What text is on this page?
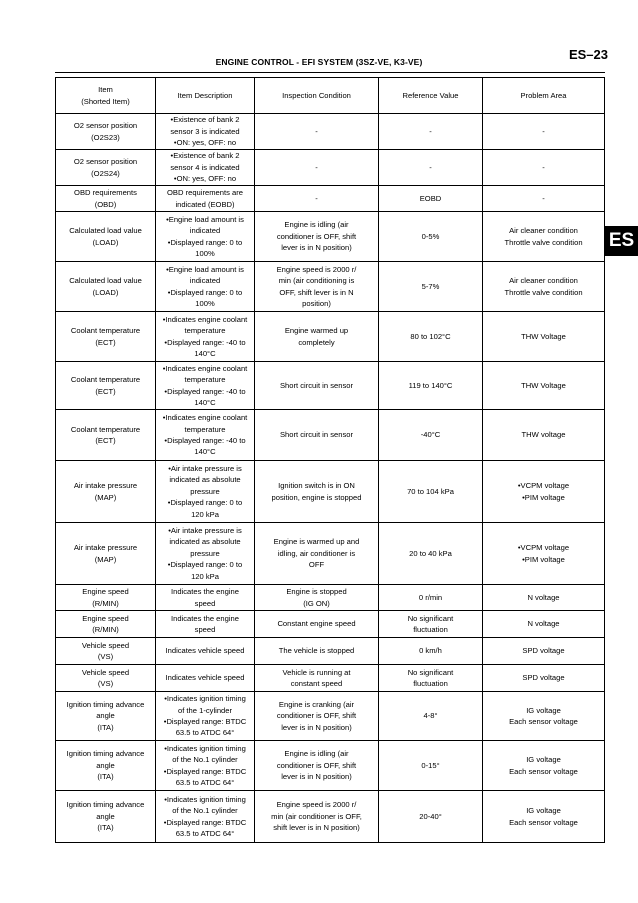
ENGINE CONTROL - EFI SYSTEM (3SZ-VE, K3-VE)	ES–23
ES
Item
(Shorted Item)	Item Description	Inspection Condition	Reference Value	Problem Area

O2 sensor position
(O2S23)	•Existence of bank 2
sensor 3 is indicated
•ON: yes, OFF: no	-	-	-

O2 sensor position
(O2S24)	•Existence of bank 2
sensor 4 is indicated
•ON: yes, OFF: no	-	-	-

OBD requirements
(OBD)	OBD requirements are
indicated (EOBD)	-	EOBD	-

Calculated load value
(LOAD)	•Engine load amount is
indicated
•Displayed range: 0 to
100%	Engine is idling (air
conditioner is OFF, shift
lever is in N position)	0-5%	Air cleaner condition
Throttle valve condition

Calculated load value
(LOAD)	•Engine load amount is
indicated
•Displayed range: 0 to
100%	Engine speed is 2000 r/
min (air conditioning is
OFF, shift lever is in N
position)	5-7%	Air cleaner condition
Throttle valve condition

Coolant temperature
(ECT)	•Indicates engine coolant
temperature
•Displayed range: -40 to
140°C	Engine warmed up
completely	80 to 102°C	THW Voltage

Coolant temperature
(ECT)	•Indicates engine coolant
temperature
•Displayed range: -40 to
140°C	Short circuit in sensor	119 to 140°C	THW Voltage

Coolant temperature
(ECT)	•Indicates engine coolant
temperature
•Displayed range: -40 to
140°C	Short circuit in sensor	-40°C	THW voltage

Air intake pressure
(MAP)	•Air intake pressure is
indicated as absolute
pressure
•Displayed range: 0 to
120 kPa	Ignition switch is in ON
position, engine is stopped	70 to 104 kPa	•VCPM voltage
•PIM voltage

Air intake pressure
(MAP)	•Air intake pressure is
indicated as absolute
pressure
•Displayed range: 0 to
120 kPa	Engine is warmed up and
idling, air conditioner is
OFF	20 to 40 kPa	•VCPM voltage
•PIM voltage

Engine speed
(R/MIN)	Indicates the engine speed	Engine is stopped
(IG ON)	0 r/min	N voltage

Engine speed
(R/MIN)	Indicates the engine speed	Constant engine speed	No significant
fluctuation	N voltage

Vehicle speed
(VS)	Indicates vehicle speed	The vehicle is stopped	0 km/h	SPD voltage

Vehicle speed
(VS)	Indicates vehicle speed	Vehicle is running at
constant speed	No significant
fluctuation	SPD voltage

Ignition timing advance
angle
(ITA)	•Indicates ignition timing
of the 1-cylinder
•Displayed range: BTDC
63.5 to ATDC 64°	Engine is cranking (air
conditioner is OFF, shift
lever is in N position)	4-8°	IG voltage
Each sensor voltage

Ignition timing advance
angle
(ITA)	•Indicates ignition timing
of the No.1 cylinder
•Displayed range: BTDC
63.5 to ATDC 64°	Engine is idling (air
conditioner is OFF, shift
lever is in N position)	0-15°	IG voltage
Each sensor voltage

Ignition timing advance
angle
(ITA)	•Indicates ignition timing
of the No.1 cylinder
•Displayed range: BTDC
63.5 to ATDC 64°	Engine speed is 2000 r/
min (air conditioner is OFF,
shift lever is in N position)	20-40°	IG voltage
Each sensor voltage
